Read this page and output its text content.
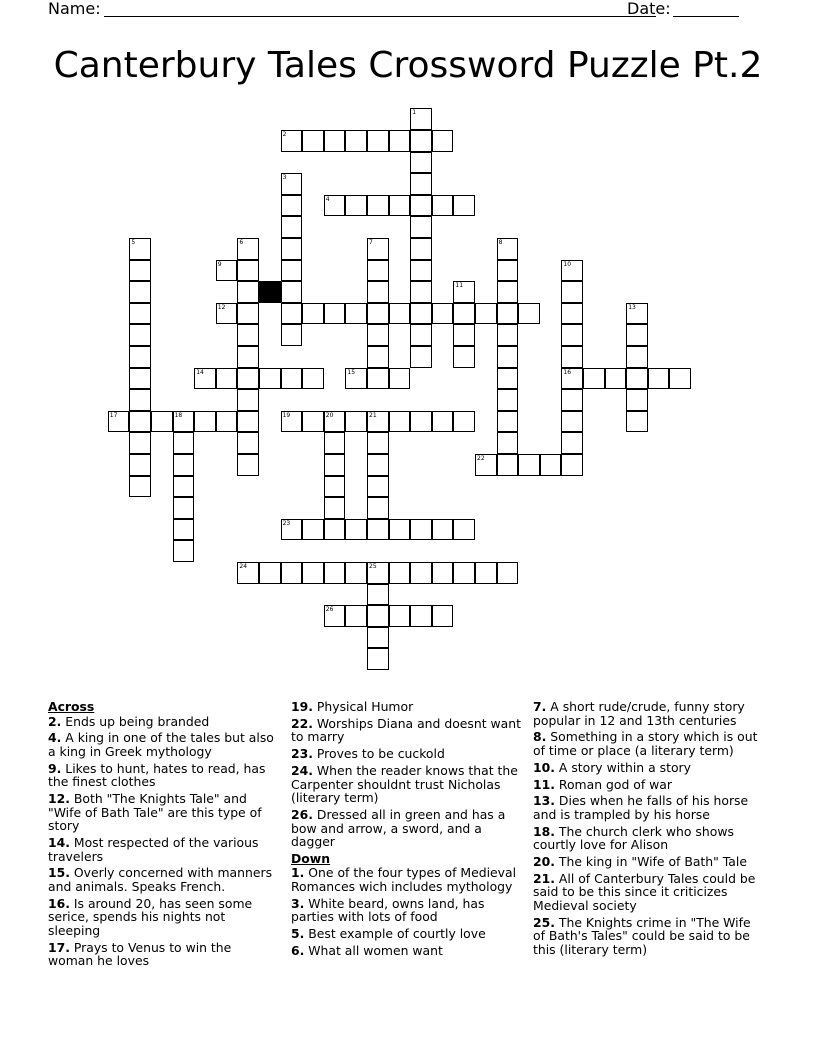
Name:	Date:
Canterbury Tales Crossword Puzzle Pt.2
1
2
3
4
5	6	7	8
9	10
11
12	13
14	15	16
17	18	19	20	21
22
23
24	25
26
Across
2. Ends up being branded
4. A king in one of the tales but also a king in Greek mythology
9. Likes to hunt, hates to read, has the finest clothes
12. Both "The Knights Tale" and "Wife of Bath Tale" are this type of story
14. Most respected of the various travelers
15. Overly concerned with manners and animals. Speaks French.
16. Is around 20, has seen some serice, spends his nights not sleeping
17. Prays to Venus to win the woman he loves
19. Physical Humor
22. Worships Diana and doesnt want to marry
23. Proves to be cuckold
24. When the reader knows that the Carpenter shouldnt trust Nicholas (literary term)
26. Dressed all in green and has a bow and arrow, a sword, and a dagger
Down
1. One of the four types of Medieval Romances wich includes mythology
3. White beard, owns land, has parties with lots of food
5. Best example of courtly love
6. What all women want
7. A short rude/crude, funny story popular in 12 and 13th centuries
8. Something in a story which is out of time or place (a literary term)
10. A story within a story
11. Roman god of war
13. Dies when he falls of his horse and is trampled by his horse
18. The church clerk who shows courtly love for Alison
20. The king in "Wife of Bath" Tale
21. All of Canterbury Tales could be said to be this since it criticizes Medieval society
25. The Knights crime in "The Wife of Bath's Tales" could be said to be this (literary term)
